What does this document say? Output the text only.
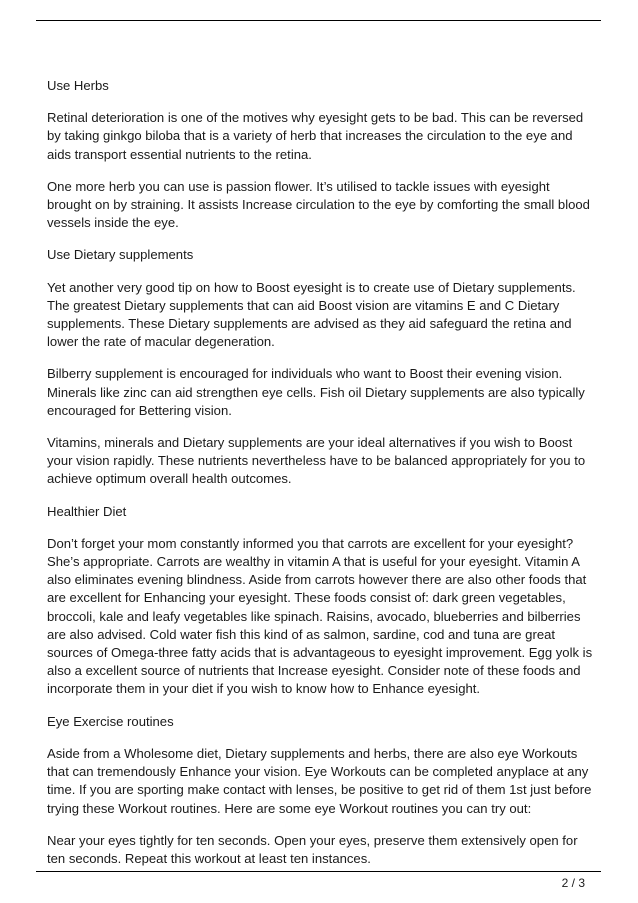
Use Herbs

Retinal deterioration is one of the motives why eyesight gets to be bad. This can be reversed by taking ginkgo biloba that is a variety of herb that increases the circulation to the eye and aids transport essential nutrients to the retina.

One more herb you can use is passion flower. It’s utilised to tackle issues with eyesight brought on by straining. It assists Increase circulation to the eye by comforting the small blood vessels inside the eye.

Use Dietary supplements

Yet another very good tip on how to Boost eyesight is to create use of Dietary supplements. The greatest Dietary supplements that can aid Boost vision are vitamins E and C Dietary supplements. These Dietary supplements are advised as they aid safeguard the retina and lower the rate of macular degeneration.

Bilberry supplement is encouraged for individuals who want to Boost their evening vision. Minerals like zinc can aid strengthen eye cells. Fish oil Dietary supplements are also typically encouraged for Bettering vision.

Vitamins, minerals and Dietary supplements are your ideal alternatives if you wish to Boost your vision rapidly. These nutrients nevertheless have to be balanced appropriately for you to achieve optimum overall health outcomes.

Healthier Diet

Don’t forget your mom constantly informed you that carrots are excellent for your eyesight? She’s appropriate. Carrots are wealthy in vitamin A that is useful for your eyesight. Vitamin A also eliminates evening blindness. Aside from carrots however there are also other foods that are excellent for Enhancing your eyesight. These foods consist of: dark green vegetables, broccoli, kale and leafy vegetables like spinach. Raisins, avocado, blueberries and bilberries are also advised. Cold water fish this kind of as salmon, sardine, cod and tuna are great sources of Omega-three fatty acids that is advantageous to eyesight improvement. Egg yolk is also a excellent source of nutrients that Increase eyesight. Consider note of these foods and incorporate them in your diet if you wish to know how to Enhance eyesight.

Eye Exercise routines

Aside from a Wholesome diet, Dietary supplements and herbs, there are also eye Workouts that can tremendously Enhance your vision. Eye Workouts can be completed anyplace at any time. If you are sporting make contact with lenses, be positive to get rid of them 1st just before trying these Workout routines. Here are some eye Workout routines you can try out:

Near your eyes tightly for ten seconds. Open your eyes, preserve them extensively open for ten seconds. Repeat this workout at least ten instances.

2 / 3
